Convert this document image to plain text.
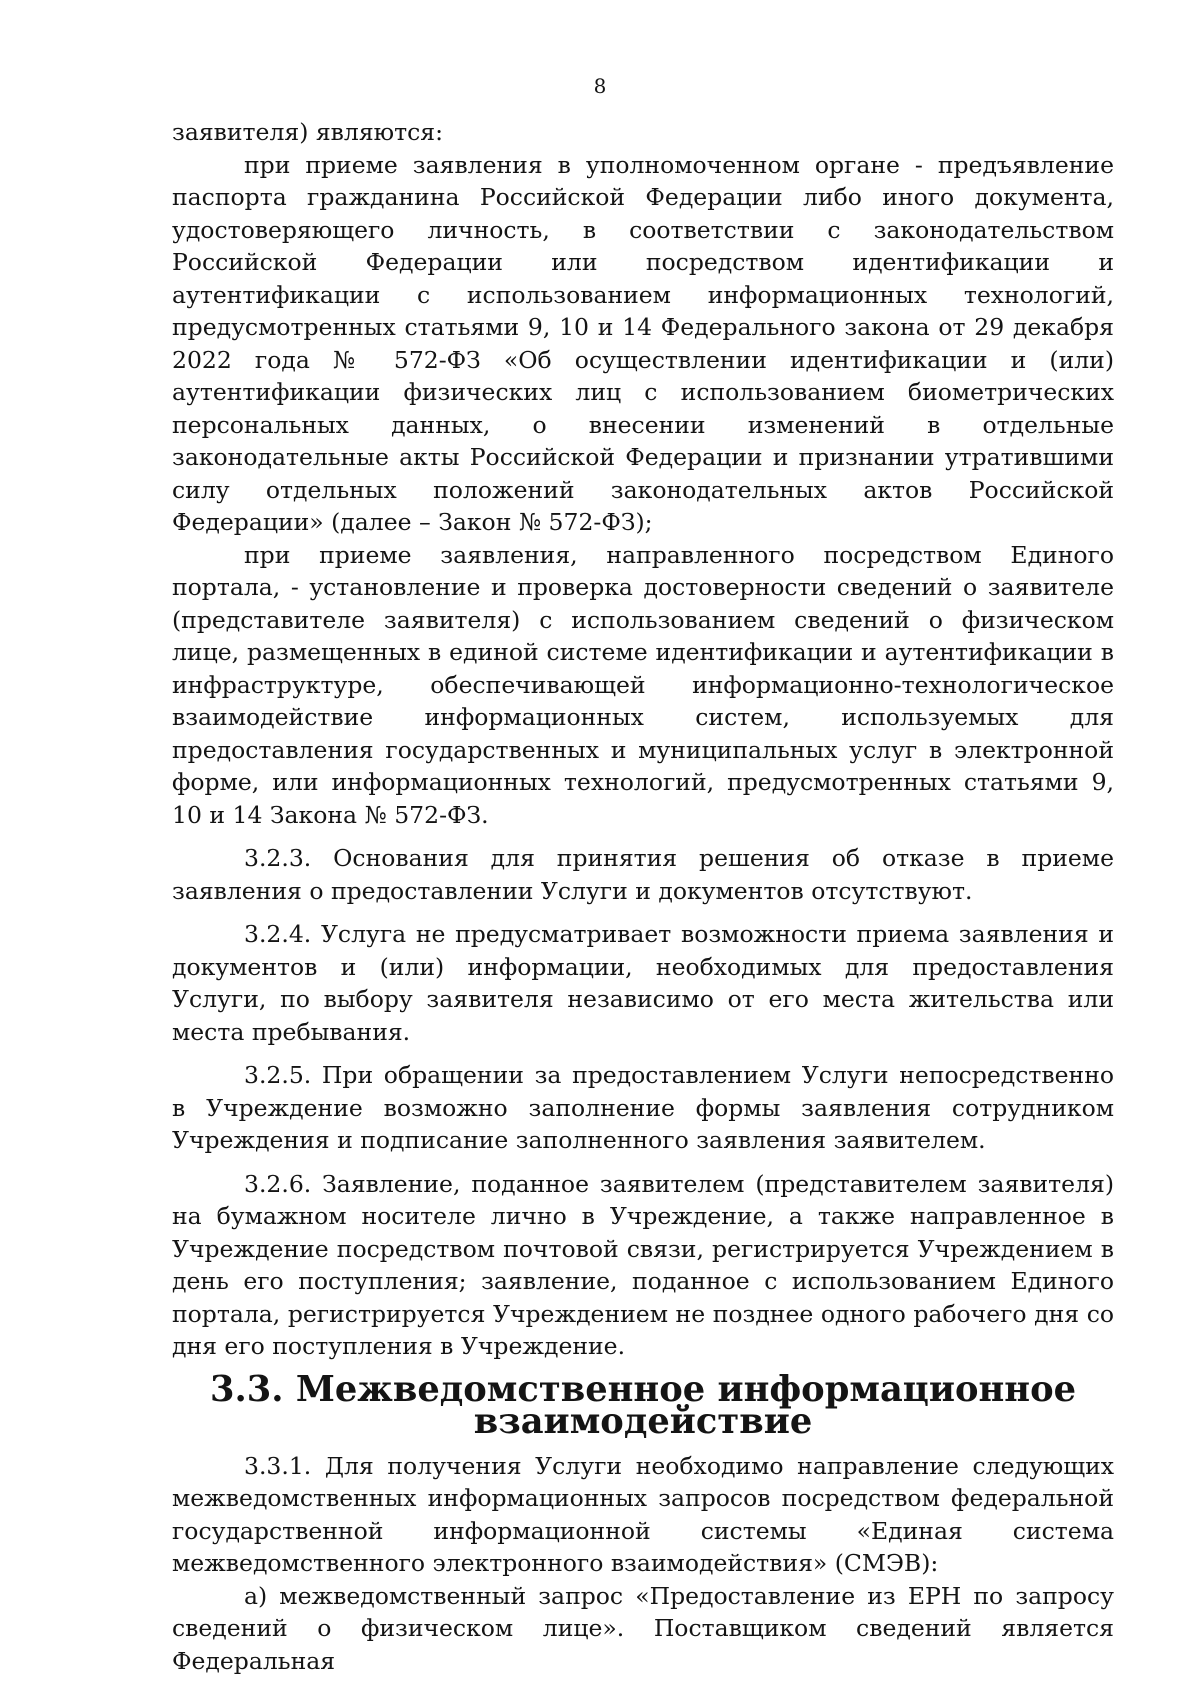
8

заявителя) являются:

при приеме заявления в уполномоченном органе - предъявление паспорта гражданина Российской Федерации либо иного документа, удостоверяющего личность, в соответствии с законодательством Российской Федерации или посредством идентификации и аутентификации с использованием информационных технологий, предусмотренных статьями 9, 10 и 14 Федерального закона от 29 декабря 2022 года № 572-ФЗ «Об осуществлении идентификации и (или) аутентификации физических лиц с использованием биометрических персональных данных, о внесении изменений в отдельные законодательные акты Российской Федерации и признании утратившими силу отдельных положений законодательных актов Российской Федерации» (далее – Закон № 572-ФЗ);

при приеме заявления, направленного посредством Единого портала, - установление и проверка достоверности сведений о заявителе (представителе заявителя) с использованием сведений о физическом лице, размещенных в единой системе идентификации и аутентификации в инфраструктуре, обеспечивающей информационно-технологическое взаимодействие информационных систем, используемых для предоставления государственных и муниципальных услуг в электронной форме, или информационных технологий, предусмотренных статьями 9, 10 и 14 Закона № 572-ФЗ.

3.2.3. Основания для принятия решения об отказе в приеме заявления о предоставлении Услуги и документов отсутствуют.

3.2.4. Услуга не предусматривает возможности приема заявления и документов и (или) информации, необходимых для предоставления Услуги, по выбору заявителя независимо от его места жительства или места пребывания.

3.2.5. При обращении за предоставлением Услуги непосредственно в Учреждение возможно заполнение формы заявления сотрудником Учреждения и подписание заполненного заявления заявителем.

3.2.6. Заявление, поданное заявителем (представителем заявителя) на бумажном носителе лично в Учреждение, а также направленное в Учреждение посредством почтовой связи, регистрируется Учреждением в день его поступления; заявление, поданное с использованием Единого портала, регистрируется Учреждением не позднее одного рабочего дня со дня его поступления в Учреждение.

3.3. Межведомственное информационное взаимодействие

3.3.1. Для получения Услуги необходимо направление следующих межведомственных информационных запросов посредством федеральной государственной информационной системы «Единая система межведомственного электронного взаимодействия» (СМЭВ):

а) межведомственный запрос «Предоставление из ЕРН по запросу сведений о физическом лице». Поставщиком сведений является Федеральная
